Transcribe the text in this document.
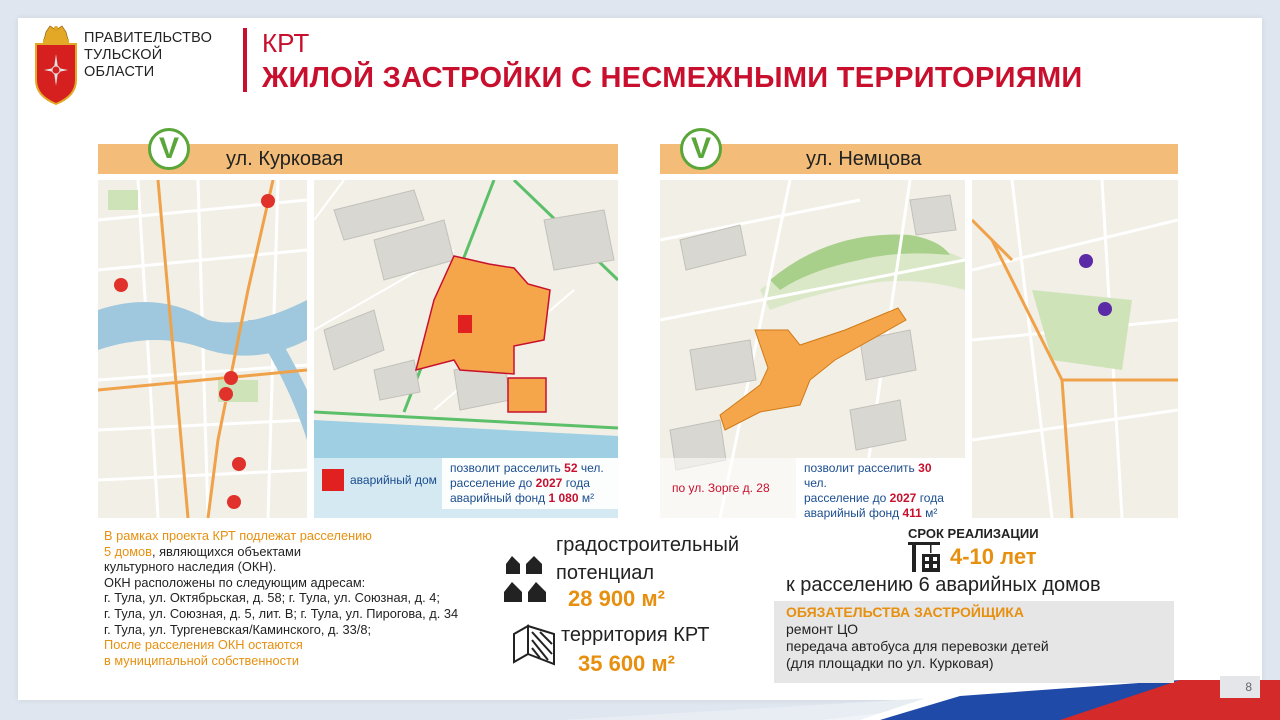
ПРАВИТЕЛЬСТВО
ТУЛЬСКОЙ
ОБЛАСТИ
КРТ
ЖИЛОЙ ЗАСТРОЙКИ С НЕСМЕЖНЫМИ ТЕРРИТОРИЯМИ
V ул. Курковая
аварийный дом
позволит расселить 52 чел.
расселение до 2027 года
аварийный фонд 1 080 м²
V	ул. Немцова
по ул. Зорге д. 28
позволит расселить 30 чел.
расселение до 2027 года
аварийный фонд 411 м²
В рамках проекта КРТ подлежат расселению
5 домов, являющихся объектами
культурного наследия (ОКН).
ОКН расположены по следующим адресам:
г. Тула, ул. Октябрьская, д. 58; г. Тула, ул. Союзная, д. 4;
г. Тула, ул. Союзная, д. 5, лит. В; г. Тула, ул. Пирогова, д. 34
г. Тула, ул. Тургеневская/Каминского, д. 33/8;
После расселения ОКН остаются
в муниципальной собственности
градостроительный
потенциал
28 900 м²
территория КРТ
35 600 м²
СРОК РЕАЛИЗАЦИИ
4-10 лет
к расселению 6 аварийных домов
ОБЯЗАТЕЛЬСТВА ЗАСТРОЙЩИКА
ремонт ЦО
передача автобуса для перевозки детей
(для площадки по ул. Курковая)
8
